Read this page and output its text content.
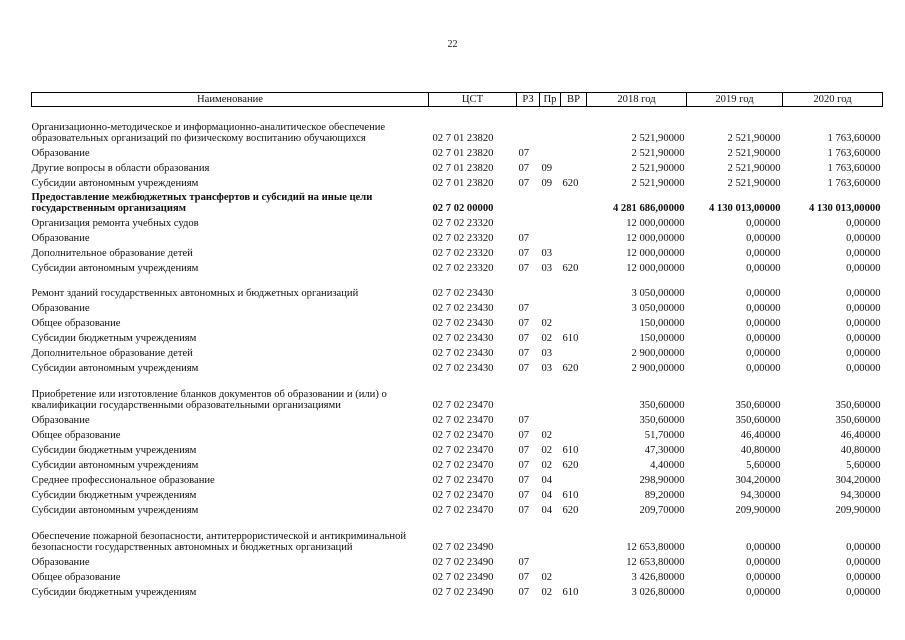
22
Наименование	ЦСТ	РЗ	Пр	ВР	2018 год	2019 год	2020 год
Организационно-методическое и информационно-аналитическое обеспечение образовательных организаций по физическому воспитанию обучающихся	02 7 01 23820				2 521,90000	2 521,90000	1 763,60000
Образование	02 7 01 23820	07			2 521,90000	2 521,90000	1 763,60000
Другие вопросы в области образования	02 7 01 23820	07	09		2 521,90000	2 521,90000	1 763,60000
Субсидии автономным учреждениям	02 7 01 23820	07	09	620	2 521,90000	2 521,90000	1 763,60000
Предоставление межбюджетных трансфертов и субсидий на иные цели государственным организациям	02 7 02 00000				4 281 686,00000	4 130 013,00000	4 130 013,00000
Организация ремонта учебных судов	02 7 02 23320				12 000,00000	0,00000	0,00000
Образование	02 7 02 23320	07			12 000,00000	0,00000	0,00000
Дополнительное образование детей	02 7 02 23320	07	03		12 000,00000	0,00000	0,00000
Субсидии автономным учреждениям	02 7 02 23320	07	03	620	12 000,00000	0,00000	0,00000
Ремонт зданий государственных автономных и бюджетных организаций	02 7 02 23430				3 050,00000	0,00000	0,00000
Образование	02 7 02 23430	07			3 050,00000	0,00000	0,00000
Общее образование	02 7 02 23430	07	02		150,00000	0,00000	0,00000
Субсидии бюджетным учреждениям	02 7 02 23430	07	02	610	150,00000	0,00000	0,00000
Дополнительное образование детей	02 7 02 23430	07	03		2 900,00000	0,00000	0,00000
Субсидии автономным учреждениям	02 7 02 23430	07	03	620	2 900,00000	0,00000	0,00000
Приобретение или изготовление бланков документов об образовании и (или) о квалификации государственными образовательными организациями	02 7 02 23470				350,60000	350,60000	350,60000
Образование	02 7 02 23470	07			350,60000	350,60000	350,60000
Общее образование	02 7 02 23470	07	02		51,70000	46,40000	46,40000
Субсидии бюджетным учреждениям	02 7 02 23470	07	02	610	47,30000	40,80000	40,80000
Субсидии автономным учреждениям	02 7 02 23470	07	02	620	4,40000	5,60000	5,60000
Среднее профессиональное образование	02 7 02 23470	07	04		298,90000	304,20000	304,20000
Субсидии бюджетным учреждениям	02 7 02 23470	07	04	610	89,20000	94,30000	94,30000
Субсидии автономным учреждениям	02 7 02 23470	07	04	620	209,70000	209,90000	209,90000
Обеспечение пожарной безопасности, антитеррористической и антикриминальной безопасности государственных автономных и бюджетных организаций	02 7 02 23490				12 653,80000	0,00000	0,00000
Образование	02 7 02 23490	07			12 653,80000	0,00000	0,00000
Общее образование	02 7 02 23490	07	02		3 426,80000	0,00000	0,00000
Субсидии бюджетным учреждениям	02 7 02 23490	07	02	610	3 026,80000	0,00000	0,00000
